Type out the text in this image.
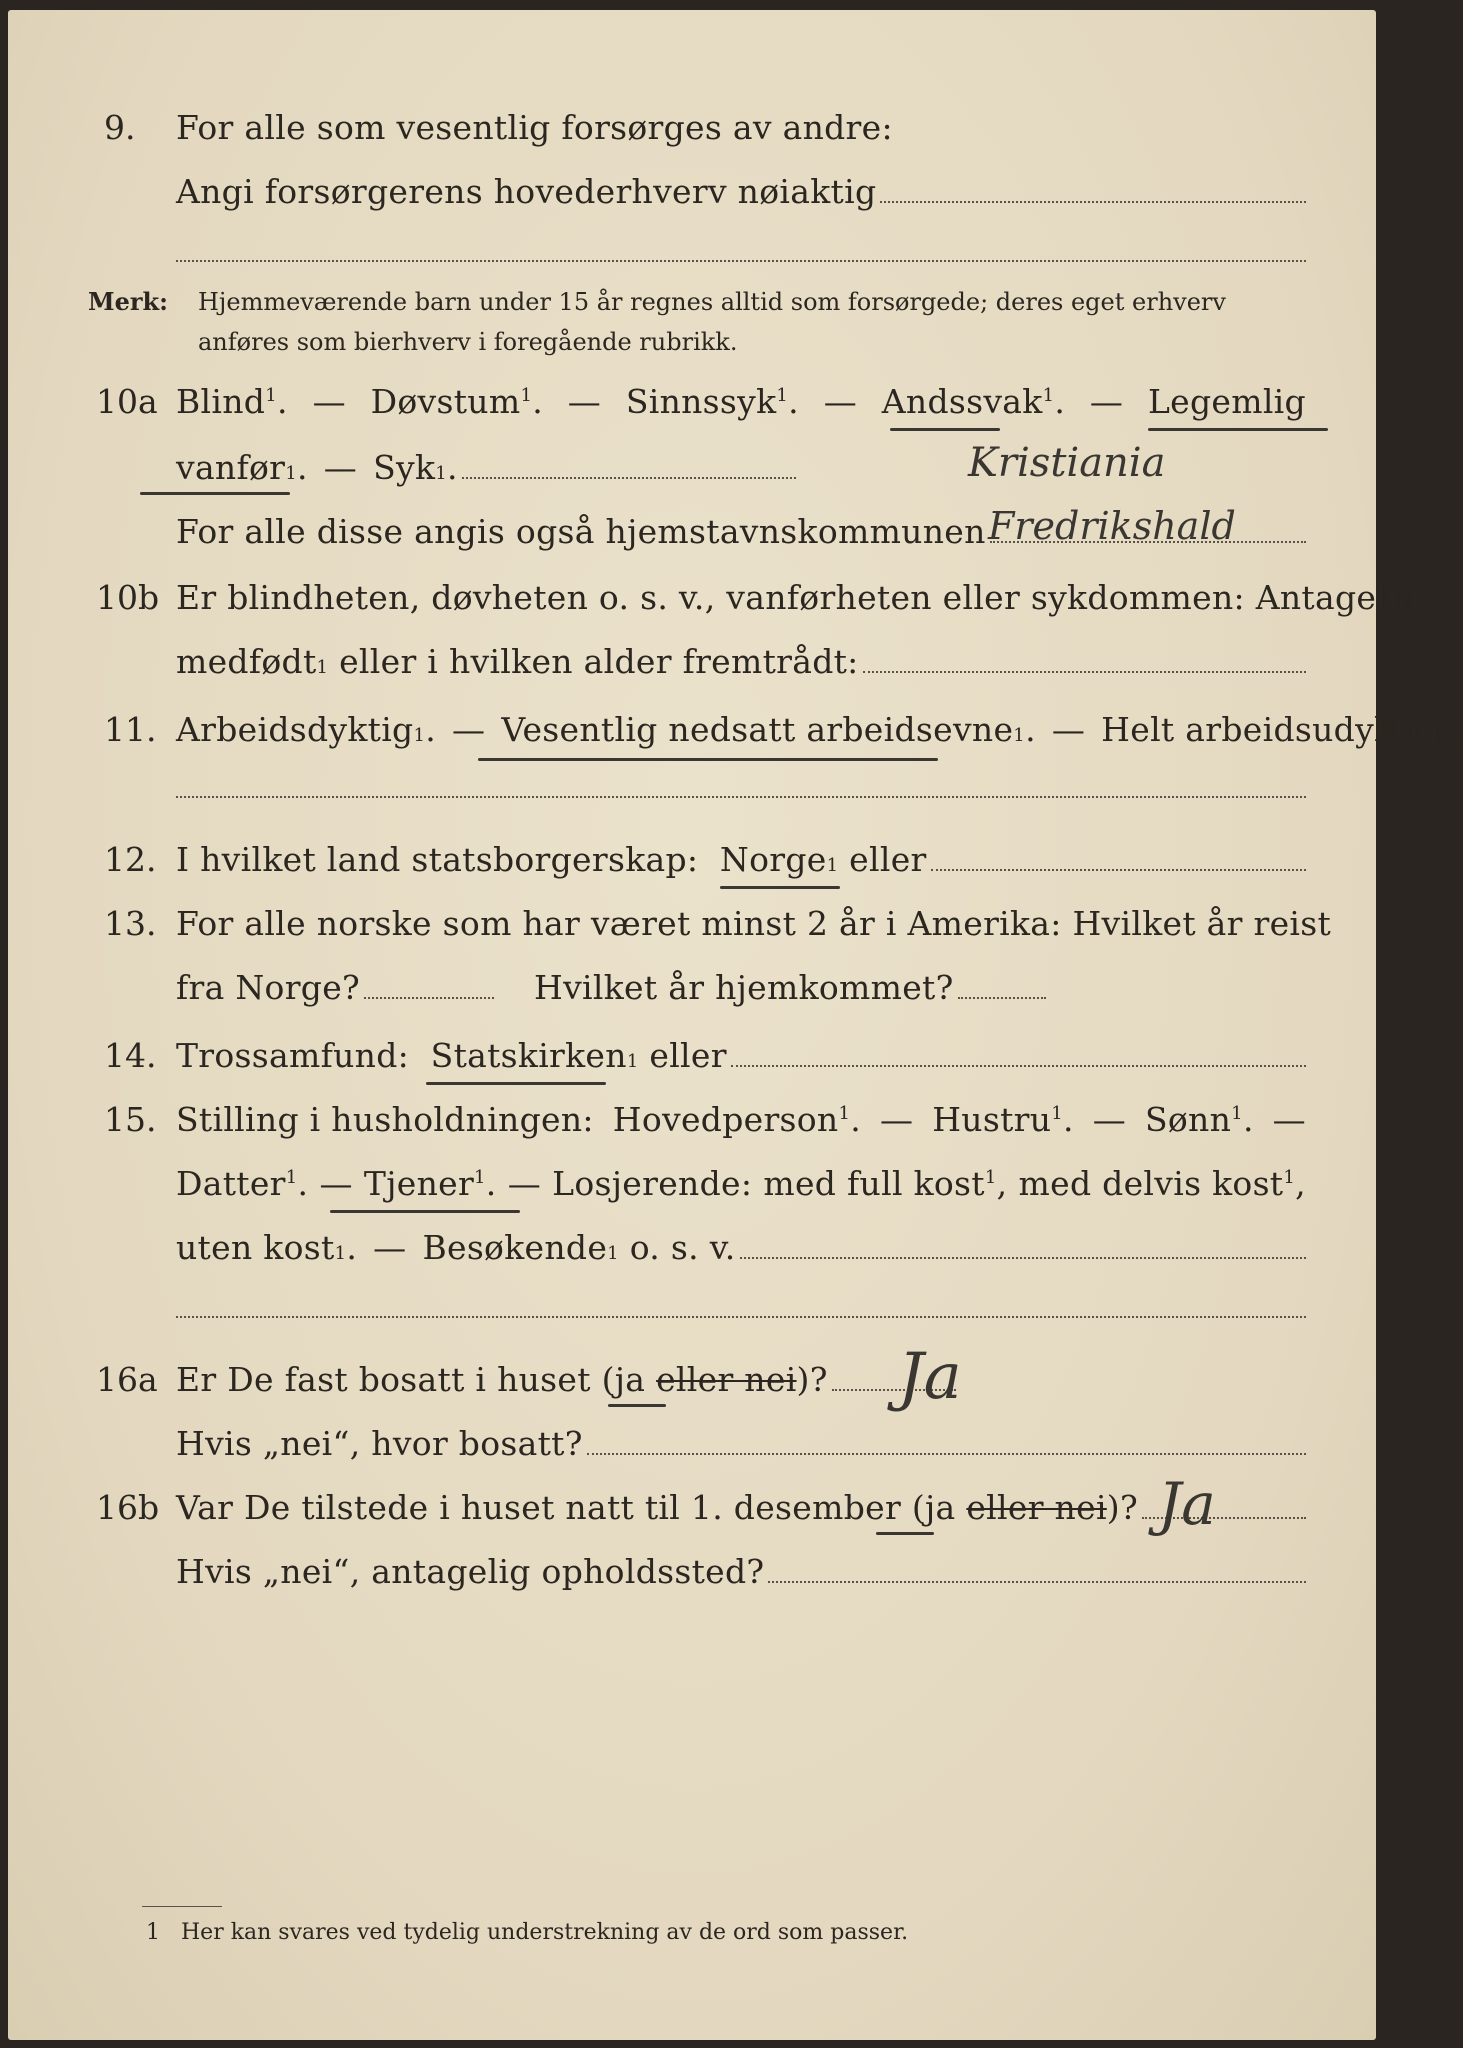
9. For alle som vesentlig forsørges av andre:
Angi forsørgerens hovederhverv nøiaktig
Merk: Hjemmeværende barn under 15 år regnes alltid som forsørgede; deres eget erhverv
anføres som bierhverv i foregående rubrikk.
10a Blind$^1$. — Døvstum$^1$. — Sinnssyk$^1$. — Andssvak$^1$. — Legemlig
vanfør 1 . — Syk 1 .	Kristiania
For alle disse angis også hjemstavnskommunen Fredrikshald
10b Er blindheten, døvheten o. s. v., vanførheten eller sykdommen: Antagelig
medfødt 1
eller i hvilken alder fremtrådt:
11. Arbeidsdyktig 1 . — Vesentlig nedsatt arbeidsevne 1 . — Helt arbeidsudyktig 1 .
12. I hvilket land statsborgerskap:
Norge 1
eller
13. For alle norske som har været minst 2 år i Amerika: Hvilket år reist
fra Norge?	Hvilket år hjemkommet?
14. Trossamfund:
Statskirken 1
eller
15. Stilling i husholdningen: Hovedperson$^1$. — Hustru$^1$. — Sønn$^1$. —
Datter$^1$. — Tjener$^1$. — Losjerende: med full kost$^1$, med delvis kost$^1$,
uten kost 1 . — Besøkende 1
o. s. v.
16a Er De fast bosatt i huset ( ja
eller nei )? Ja
Hvis „nei“, hvor bosatt?
16b Var De tilstede i huset natt til 1. desember ( ja
eller nei )? Ja
Hvis „nei“, antagelig opholdssted?
1 Her kan svares ved tydelig understrekning av de ord som passer.
